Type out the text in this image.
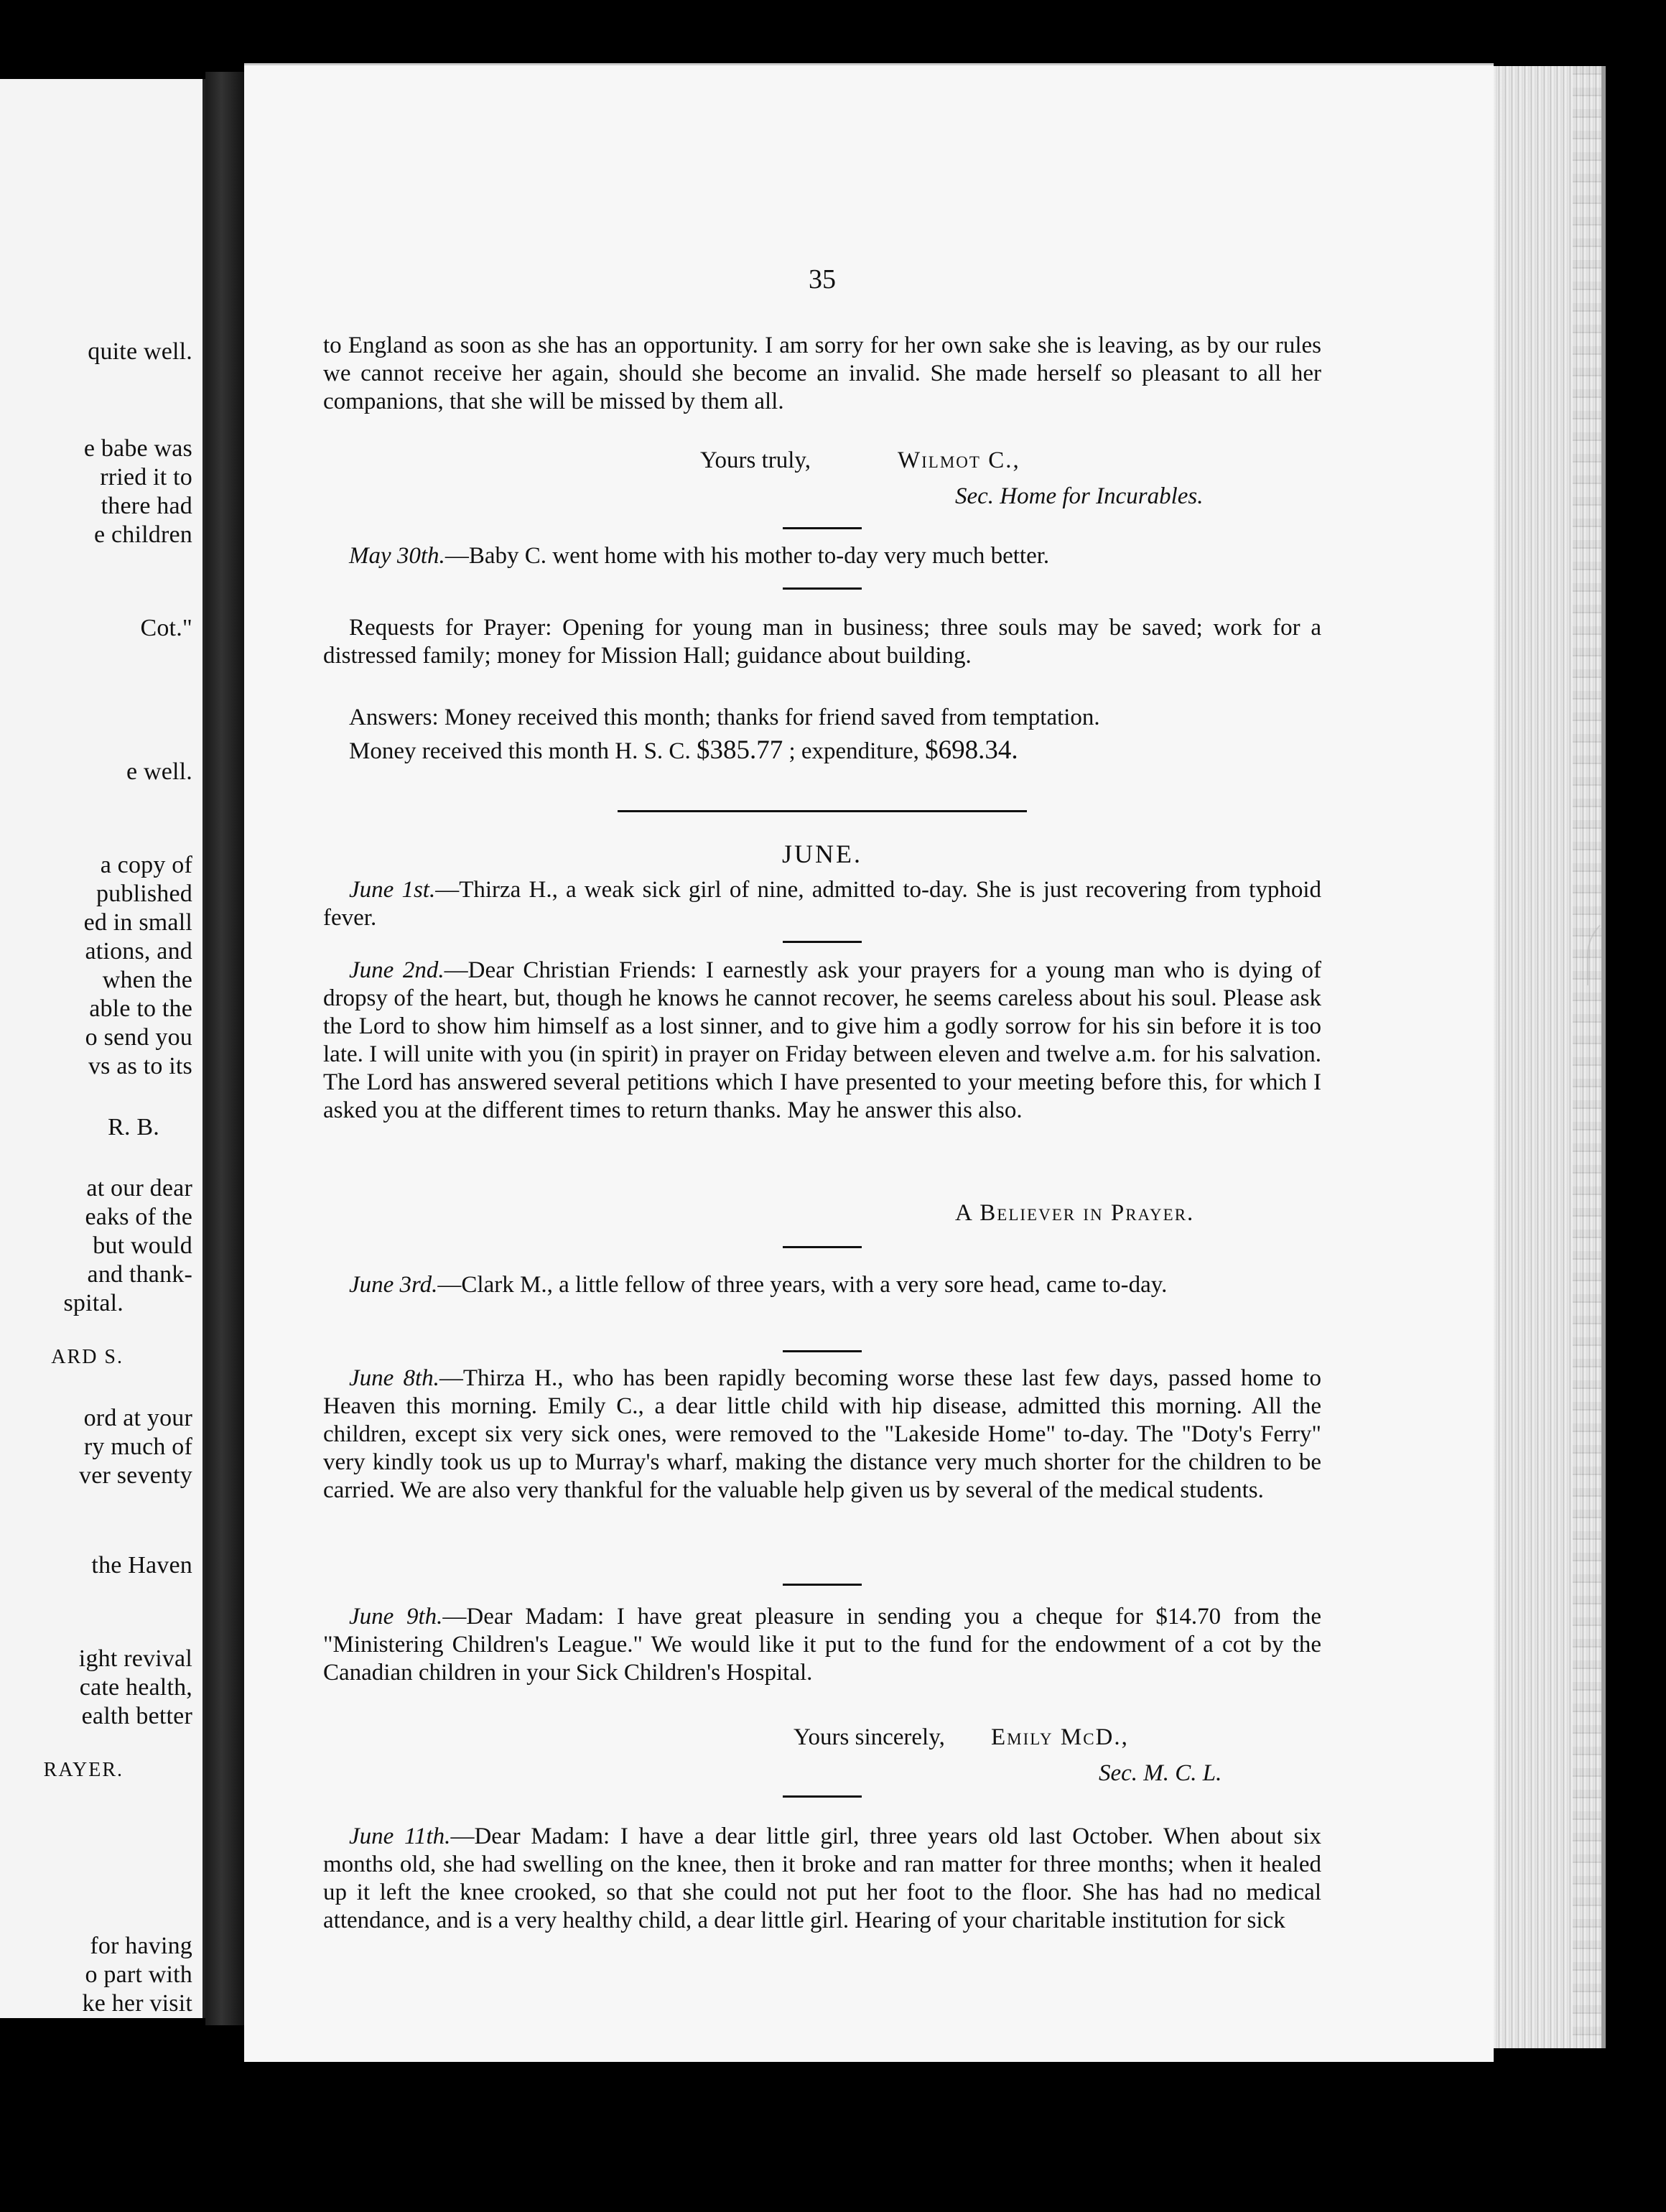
quite well.
e babe was
rried it to
there had
e children
Cot."
e well.
a copy of
published
ed in small
ations, and
when the
able to the
o send you
vs as to its
R. B.
at our dear
eaks of the
but would
and thank-
spital.
ARD S.
ord at your
ry much of
ver seventy
the Haven
ight revival
cate health,
ealth better
RAYER.
for having
o part with
ke her visit
35

to England as soon as she has an opportunity. I am sorry for her own sake she is leaving, as by our rules we cannot receive her again, should she become an invalid. She made herself so pleasant to all her companions, that she will be missed by them all.

Yours truly,	Wilmot C.,
Sec. Home for Incurables.

May 30th.—Baby C. went home with his mother to-day very much better.

Requests for Prayer: Opening for young man in business; three souls may be saved; work for a distressed family; money for Mission Hall; guidance about building.

Answers: Money received this month; thanks for friend saved from temptation.

Money received this month H. S. C. $385.77 ; expenditure, $698.34.

JUNE.

June 1st.—Thirza H., a weak sick girl of nine, admitted to-day. She is just recovering from typhoid fever.

June 2nd.—Dear Christian Friends: I earnestly ask your prayers for a young man who is dying of dropsy of the heart, but, though he knows he cannot recover, he seems careless about his soul. Please ask the Lord to show him himself as a lost sinner, and to give him a godly sorrow for his sin before it is too late. I will unite with you (in spirit) in prayer on Friday between eleven and twelve a.m. for his salvation. The Lord has answered several petitions which I have presented to your meeting before this, for which I asked you at the different times to return thanks. May he answer this also.

A Believer in Prayer.

June 3rd.—Clark M., a little fellow of three years, with a very sore head, came to-day.

June 8th.—Thirza H., who has been rapidly becoming worse these last few days, passed home to Heaven this morning. Emily C., a dear little child with hip disease, admitted this morning. All the children, except six very sick ones, were removed to the "Lakeside Home" to-day. The "Doty's Ferry" very kindly took us up to Murray's wharf, making the distance very much shorter for the children to be carried. We are also very thankful for the valuable help given us by several of the medical students.

June 9th.—Dear Madam: I have great pleasure in sending you a cheque for $14.70 from the "Ministering Children's League." We would like it put to the fund for the endowment of a cot by the Canadian children in your Sick Children's Hospital.

Yours sincerely, Emily McD.,
Sec. M. C. L.

June 11th.—Dear Madam: I have a dear little girl, three years old last October. When about six months old, she had swelling on the knee, then it broke and ran matter for three months; when it healed up it left the knee crooked, so that she could not put her foot to the floor. She has had no medical attendance, and is a very healthy child, a dear little girl. Hearing of your charitable institution for sick
